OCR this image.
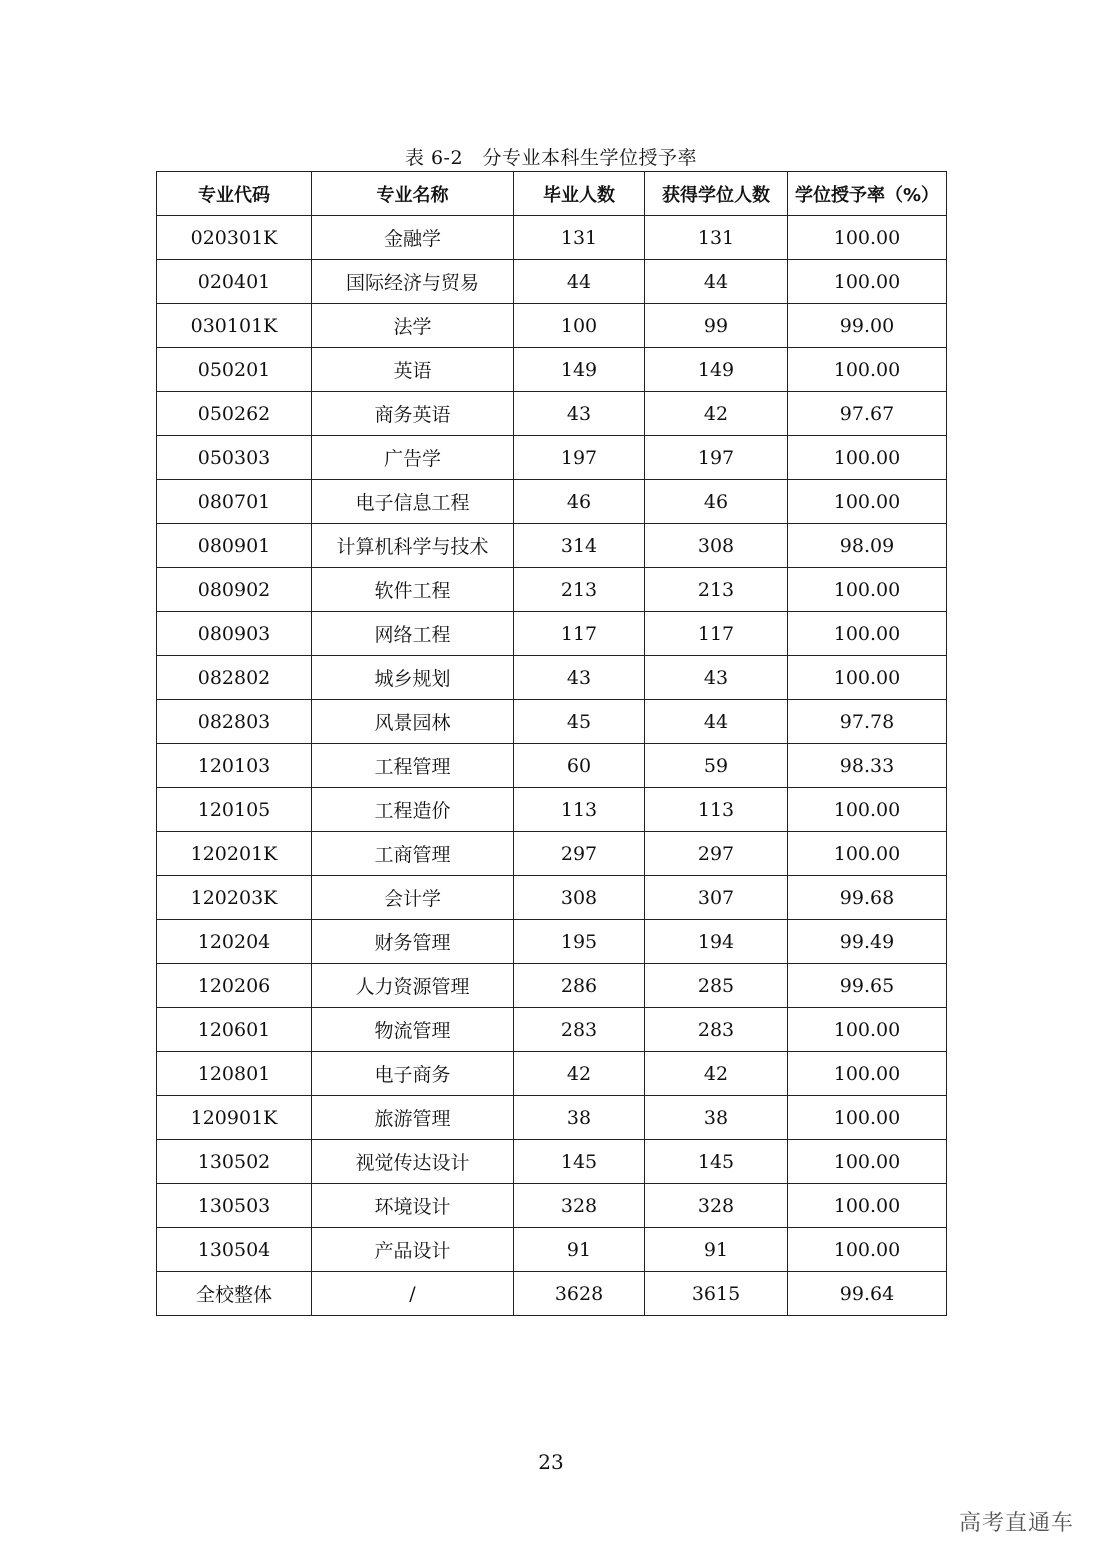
表 6-2　分专业本科生学位授予率
专业代码	专业名称	毕业人数	获得学位人数	学位授予率（%）
020301K	金融学	131	131	100.00
020401	国际经济与贸易	44	44	100.00
030101K	法学	100	99	99.00
050201	英语	149	149	100.00
050262	商务英语	43	42	97.67
050303	广告学	197	197	100.00
080701	电子信息工程	46	46	100.00
080901	计算机科学与技术	314	308	98.09
080902	软件工程	213	213	100.00
080903	网络工程	117	117	100.00
082802	城乡规划	43	43	100.00
082803	风景园林	45	44	97.78
120103	工程管理	60	59	98.33
120105	工程造价	113	113	100.00
120201K	工商管理	297	297	100.00
120203K	会计学	308	307	99.68
120204	财务管理	195	194	99.49
120206	人力资源管理	286	285	99.65
120601	物流管理	283	283	100.00
120801	电子商务	42	42	100.00
120901K	旅游管理	38	38	100.00
130502	视觉传达设计	145	145	100.00
130503	环境设计	328	328	100.00
130504	产品设计	91	91	100.00
全校整体	/	3628	3615	99.64
23
高考直通车
